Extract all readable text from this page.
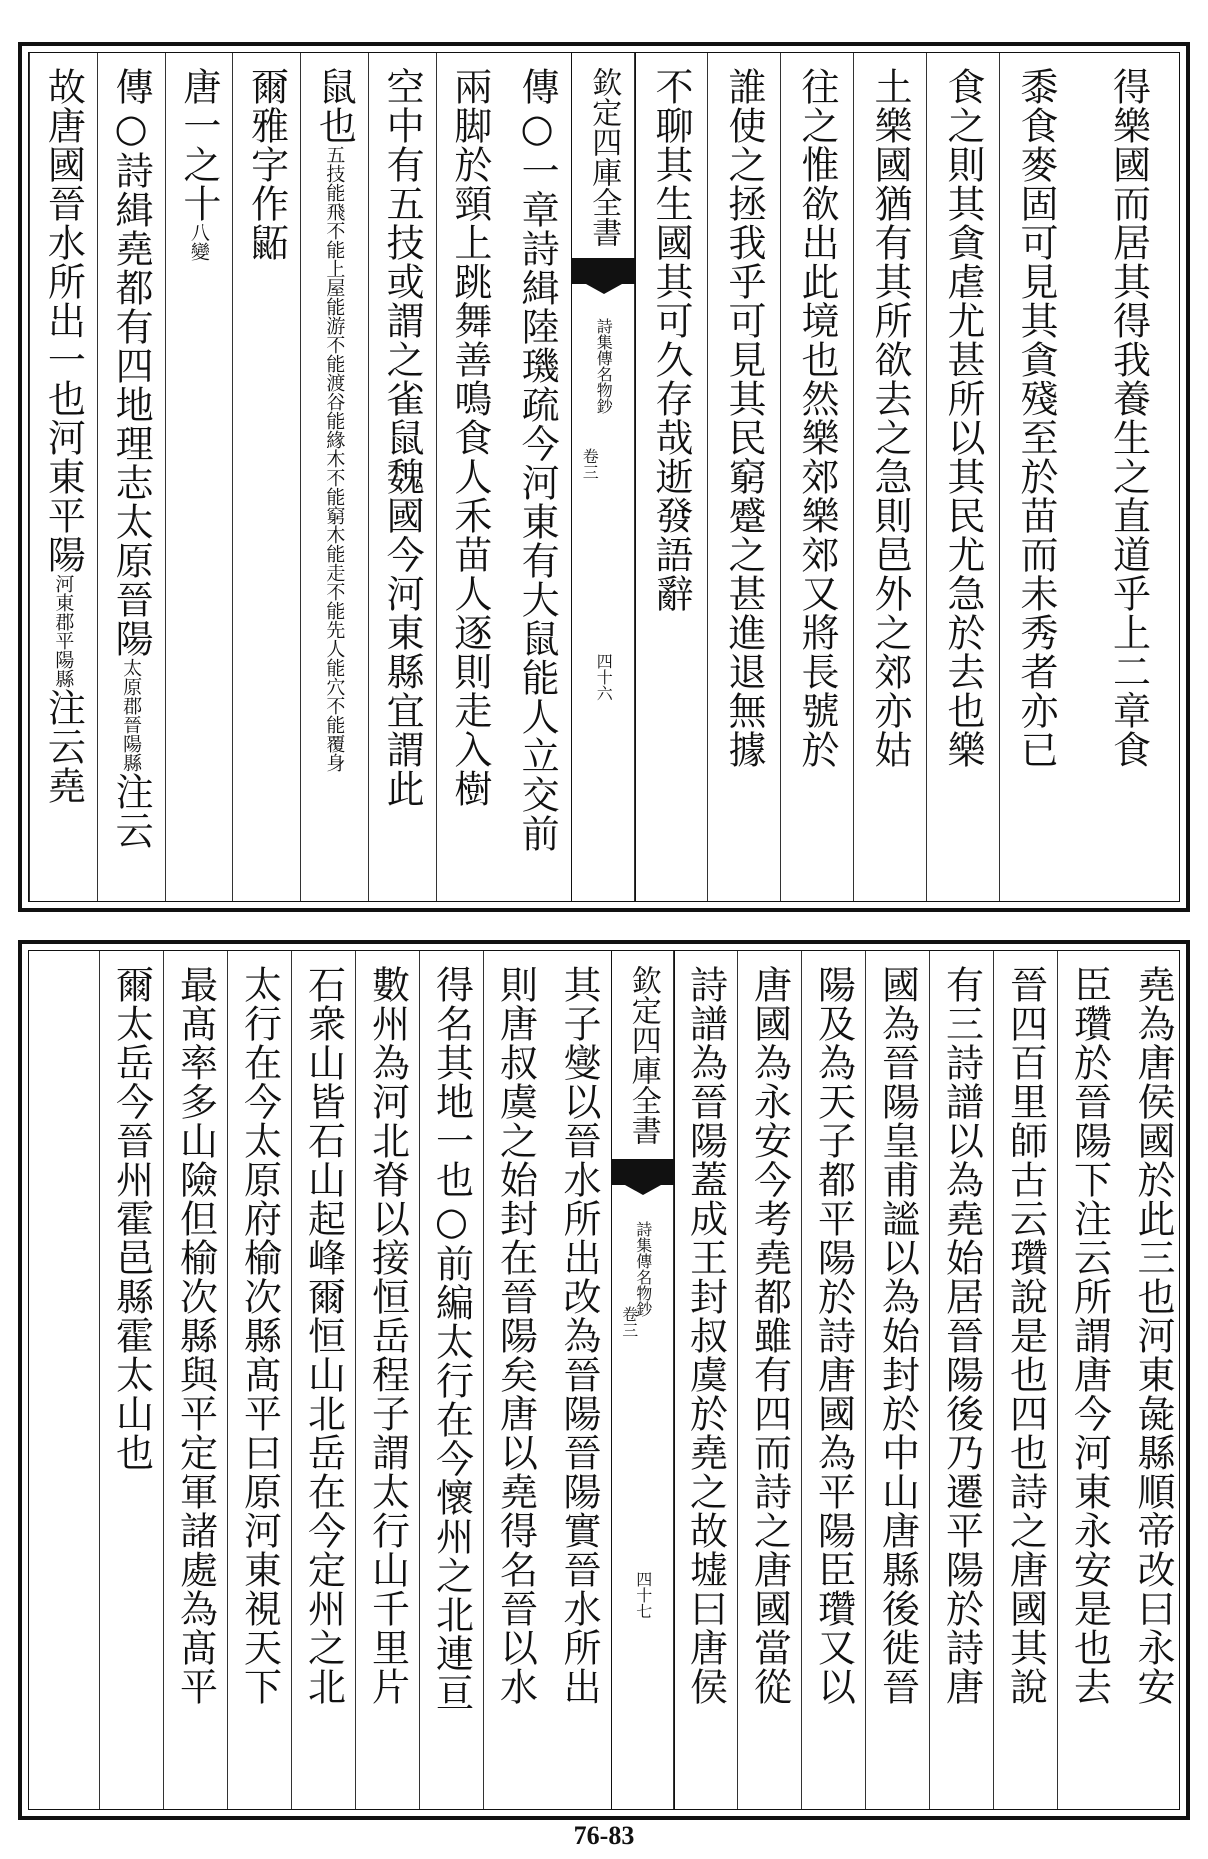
得樂國而居其得我養生之直道乎上二章食
黍食麥固可見其貪殘至於苗而未秀者亦已
食之則其貪虐尤甚所以其民尤急於去也樂
土樂國猶有其所欲去之急則邑外之郊亦姑
往之惟欲出此境也然樂郊樂郊又將長號於
誰使之拯我乎可見其民窮蹙之甚進退無據
不聊其生國其可久存哉逝發語辭
欽定四庫全書
詩集傳名物鈔
卷三
四十六
傳○一章詩緝陸璣疏今河東有大鼠能人立交前
兩脚於頸上跳舞善鳴食人禾苗人逐則走入樹
空中有五技或謂之雀鼠魏國今河東縣宜謂此
鼠也五技能飛不能上屋能游不能渡谷能緣木不能窮木能走不能先人能穴不能覆身
爾雅字作鼫
唐一之十八變
傳○詩緝堯都有四地理志太原晉陽太原郡晉陽縣注云
故唐國晉水所出一也河東平陽河東郡平陽縣注云堯
堯為唐侯國於此三也河東彘縣順帝改曰永安
臣瓚於晉陽下注云所謂唐今河東永安是也去
晉四百里師古云瓚說是也四也詩之唐國其說
有三詩譜以為堯始居晉陽後乃遷平陽於詩唐
國為晉陽皇甫謐以為始封於中山唐縣後徙晉
陽及為天子都平陽於詩唐國為平陽臣瓚又以
唐國為永安今考堯都雖有四而詩之唐國當從
詩譜為晉陽蓋成王封叔虞於堯之故墟曰唐侯
欽定四庫全書
詩集傳名物鈔
卷三
四十七
其子燮以晉水所出改為晉陽晉陽實晉水所出
則唐叔虞之始封在晉陽矣唐以堯得名晉以水
得名其地一也○前編太行在今懷州之北連亘
數州為河北脊以接恒岳程子謂太行山千里片
石衆山皆石山起峰爾恒山北岳在今定州之北
太行在今太原府榆次縣髙平曰原河東視天下
最髙率多山險但榆次縣與平定軍諸處為髙平
爾太岳今晉州霍邑縣霍太山也
76-83
